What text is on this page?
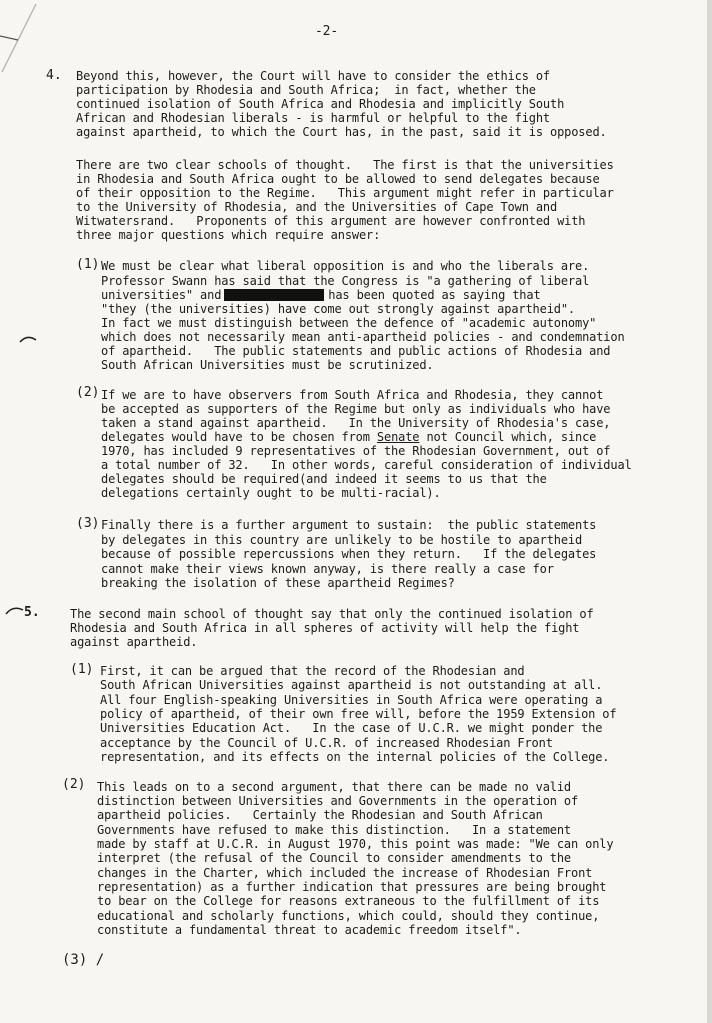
-2-
4. Beyond this, however, the Court will have to consider the ethics of
participation by Rhodesia and South Africa;  in fact, whether the
continued isolation of South Africa and Rhodesia and implicitly South
African and Rhodesian liberals - is harmful or helpful to the fight
against apartheid, to which the Court has, in the past, said it is opposed.
There are two clear schools of thought.   The first is that the universities
in Rhodesia and South Africa ought to be allowed to send delegates because
of their opposition to the Regime.   This argument might refer in particular
to the University of Rhodesia, and the Universities of Cape Town and
Witwatersrand.   Proponents of this argument are however confronted with
three major questions which require answer:
(1) We must be clear what liberal opposition is and who the liberals are.
Professor Swann has said that the Congress is "a gathering of liberal
universities" and	has been quoted as saying that
"they (the universities) have come out strongly against apartheid".
In fact we must distinguish between the defence of "academic autonomy"
which does not necessarily mean anti-apartheid policies - and condemnation
of apartheid.   The public statements and public actions of Rhodesia and
South African Universities must be scrutinized.
(2) If we are to have observers from South Africa and Rhodesia, they cannot
be accepted as supporters of the Regime but only as individuals who have
taken a stand against apartheid.   In the University of Rhodesia's case,
delegates would have to be chosen from Senate not Council which, since
1970, has included 9 representatives of the Rhodesian Government, out of
a total number of 32.   In other words, careful consideration of individual
delegates should be required(and indeed it seems to us that the
delegations certainly ought to be multi-racial).
(3) Finally there is a further argument to sustain:  the public statements
by delegates in this country are unlikely to be hostile to apartheid
because of possible repercussions when they return.   If the delegates
cannot make their views known anyway, is there really a case for
breaking the isolation of these apartheid Regimes?
5.	The second main school of thought say that only the continued isolation of
Rhodesia and South Africa in all spheres of activity will help the fight
against apartheid.
(1) First, it can be argued that the record of the Rhodesian and
South African Universities against apartheid is not outstanding at all.
All four English-speaking Universities in South Africa were operating a
policy of apartheid, of their own free will, before the 1959 Extension of
Universities Education Act.   In the case of U.C.R. we might ponder the
acceptance by the Council of U.C.R. of increased Rhodesian Front
representation, and its effects on the internal policies of the College.
(2) This leads on to a second argument, that there can be made no valid
distinction between Universities and Governments in the operation of
apartheid policies.   Certainly the Rhodesian and South African
Governments have refused to make this distinction.   In a statement
made by staff at U.C.R. in August 1970, this point was made: "We can only
interpret (the refusal of the Council to consider amendments to the
changes in the Charter, which included the increase of Rhodesian Front
representation) as a further indication that pressures are being brought
to bear on the College for reasons extraneous to the fulfillment of its
educational and scholarly functions, which could, should they continue,
constitute a fundamental threat to academic freedom itself".
(3) /
